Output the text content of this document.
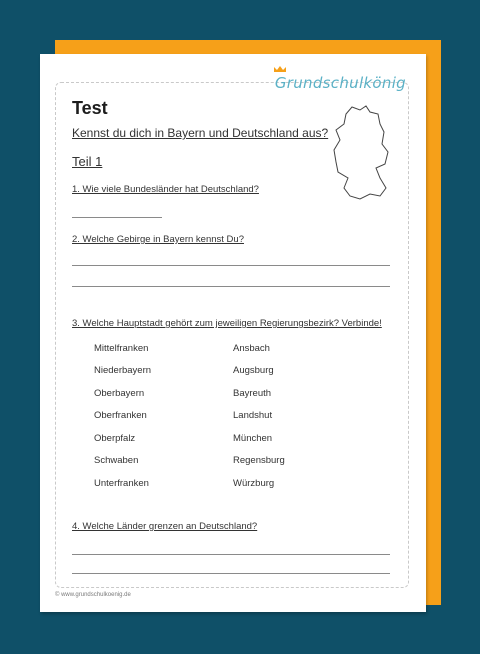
Grundschulkönig
Test
Kennst du dich in Bayern und Deutschland aus?
Teil 1
1. Wie viele Bundesländer hat Deutschland?
2. Welche Gebirge in Bayern kennst Du?
3. Welche Hauptstadt gehört zum jeweiligen Regierungsbezirk? Verbinde!
Mittelfranken
Niederbayern
Oberbayern
Oberfranken
Oberpfalz
Schwaben
Unterfranken
Ansbach
Augsburg
Bayreuth
Landshut
München
Regensburg
Würzburg
4. Welche Länder grenzen an Deutschland?
© www.grundschulkoenig.de
